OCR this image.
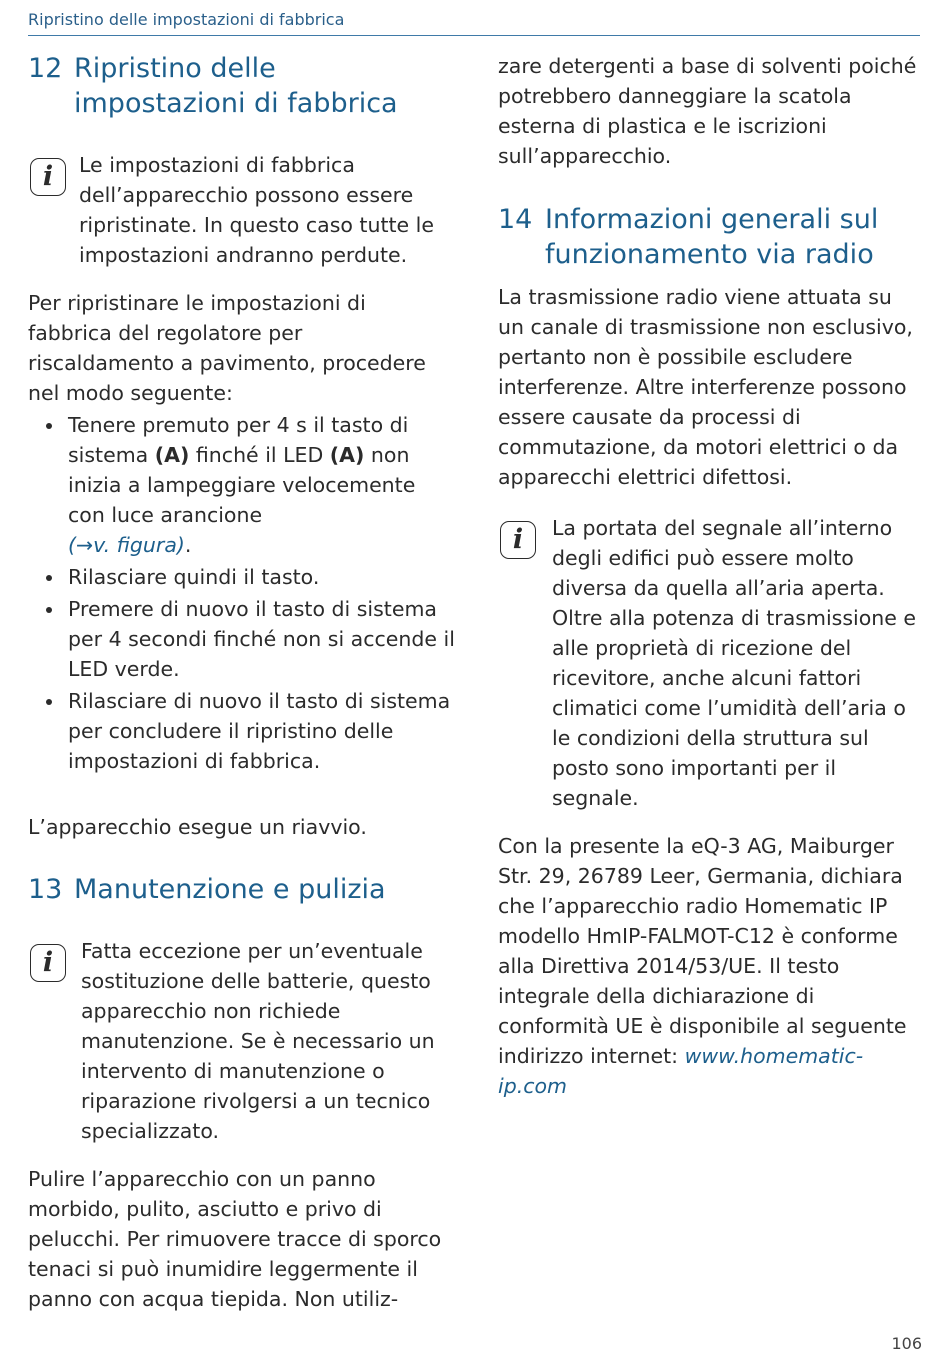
Ripristino delle impostazioni di fabbrica
12 Ripristino delle impostazioni di fabbrica
i	Le impostazioni di fabbrica dell’apparecchio possono essere ripristinate. In questo caso tutte le impostazioni andranno perdute.

Per ripristinare le impostazioni di fabbrica del regolatore per riscaldamento a pavimento, procedere nel modo seguente:

Tenere premuto per 4 s il tasto di sistema (A) finché il LED (A) non inizia a lampeggiare velocemente con luce arancione
(→v. figura).
Rilasciare quindi il tasto.
Premere di nuovo il tasto di sistema per 4 secondi finché non si accende il LED verde.
Rilasciare di nuovo il tasto di sistema per concludere il ripristino delle impostazioni di fabbrica.

L’apparecchio esegue un riavvio.

13 Manutenzione e pulizia
i	Fatta eccezione per un’eventuale sostituzione delle batterie, questo apparecchio non richiede manutenzione. Se è necessario un intervento di manutenzione o riparazione rivolgersi a un tecnico specializzato.

Pulire l’apparecchio con un panno morbido, pulito, asciutto e privo di pelucchi. Per rimuovere tracce di sporco tenaci si può inumidire leggermente il panno con acqua tiepida. Non utiliz-

zare detergenti a base di solventi poiché potrebbero danneggiare la scatola esterna di plastica e le iscrizioni sull’apparecchio.

14 Informazioni generali sul funzionamento via radio

La trasmissione radio viene attuata su un canale di trasmissione non esclusivo, pertanto non è possibile escludere interferenze. Altre interferenze possono essere causate da processi di commutazione, da motori elettrici o da apparecchi elettrici difettosi.

i	La portata del segnale all’interno degli edifici può essere molto diversa da quella all’aria aperta. Oltre alla potenza di trasmissione e alle proprietà di ricezione del ricevitore, anche alcuni fattori climatici come l’umidità dell’aria o le condizioni della struttura sul posto sono importanti per il segnale.

Con la presente la eQ-3 AG, Maiburger Str. 29, 26789 Leer, Germania, dichiara che l’apparecchio radio Homematic IP modello HmIP-FALMOT-C12 è conforme alla Direttiva 2014/53/UE. Il testo integrale della dichiarazione di conformità UE è disponibile al seguente indirizzo internet: www.homematic-ip.com

106
